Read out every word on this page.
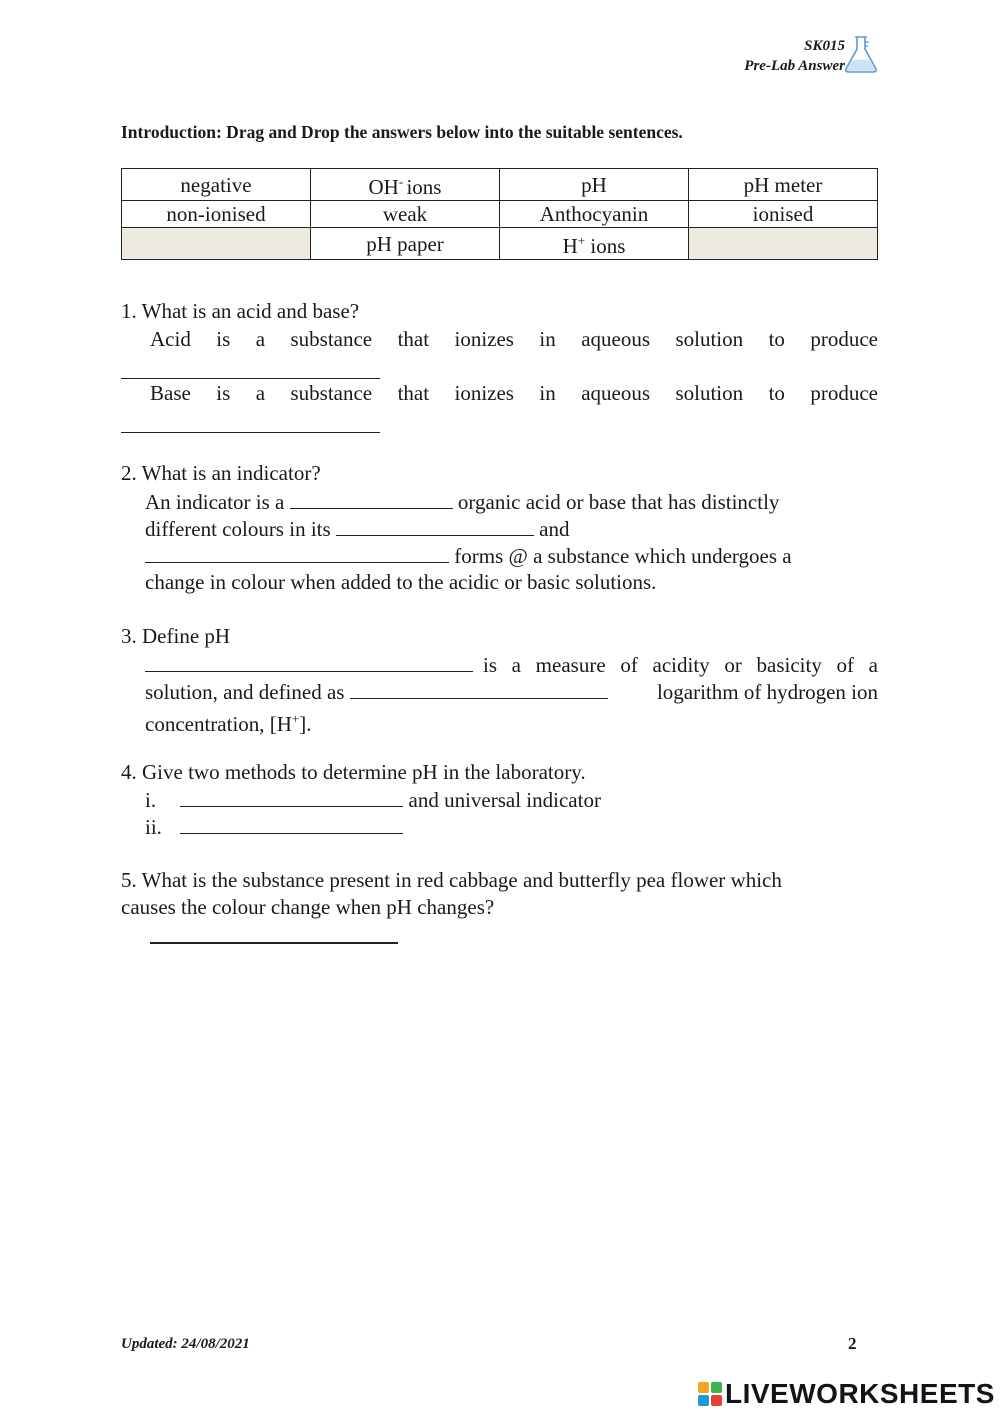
SK015
Pre-Lab Answer
Introduction: Drag and Drop the answers below into the suitable sentences.
negative	OH- ions	pH	pH meter
non-ionised	weak	Anthocyanin	ionised
	pH paper	H+ ions	
1. What is an acid and base?
Acid is a substance that ionizes in aqueous solution to produce
Base is a substance that ionizes in aqueous solution to produce
2. What is an indicator?
An indicator is a	organic acid or base that has distinctly
different colours in its	and
forms @ a substance which undergoes a
change in colour when added to the acidic or basic solutions.
3. Define pH
is a measure of acidity or basicity of a
solution, and defined as	logarithm of hydrogen ion
concentration, [H+].
4. Give two methods to determine pH in the laboratory.
i.	and universal indicator
ii.
5. What is the substance present in red cabbage and butterfly pea flower which
causes the colour change when pH changes?
Updated: 24/08/2021	2
LIVEWORKSHEETS
